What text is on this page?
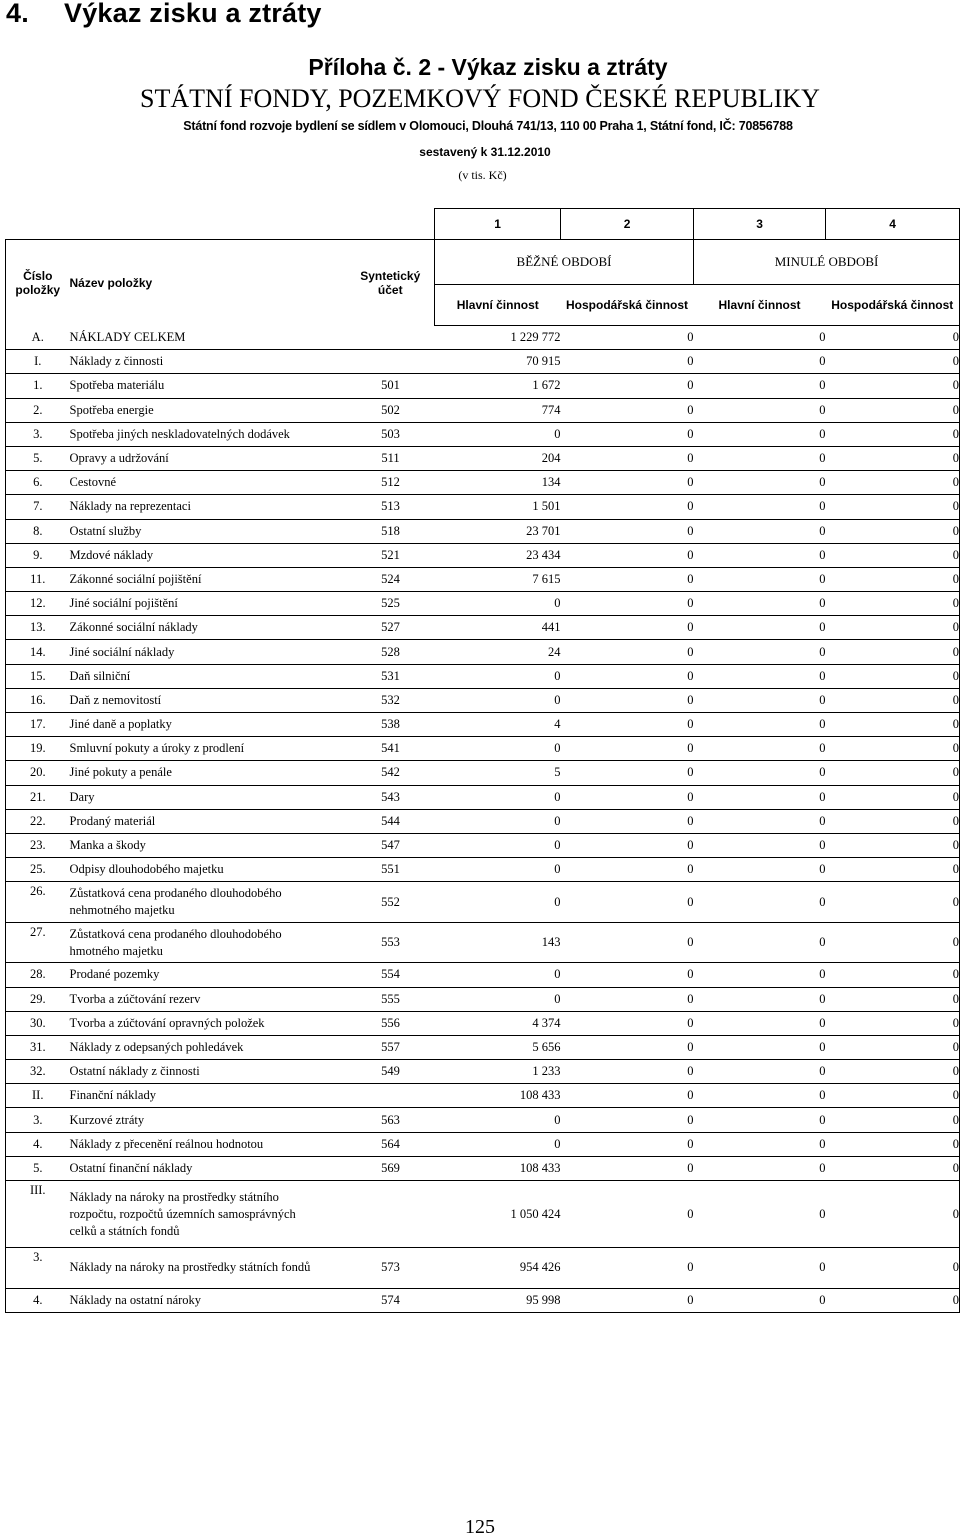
4. Výkaz zisku a ztráty
Příloha č. 2 - Výkaz zisku a ztráty
STÁTNÍ FONDY, POZEMKOVÝ FOND ČESKÉ REPUBLIKY
Státní fond rozvoje bydlení se sídlem v Olomouci, Dlouhá 741/13, 110 00 Praha 1, Státní fond, IČ: 70856788
sestavený k 31.12.2010
(v tis. Kč)
			1	2	3	4
Číslo položky	Název položky	Syntetický účet	BĚŽNÉ OBDOBÍ		MINULÉ OBDOBÍ	
			Hlavní činnost	Hospodářská činnost	Hlavní činnost	Hospodářská činnost
A.	NÁKLADY CELKEM		1 229 772	0	0	0
I.	Náklady z činnosti		70 915	0	0	0
1.	Spotřeba materiálu	501	1 672	0	0	0
2.	Spotřeba energie	502	774	0	0	0
3.	Spotřeba jiných neskladovatelných dodávek	503	0	0	0	0
5.	Opravy a udržování	511	204	0	0	0
6.	Cestovné	512	134	0	0	0
7.	Náklady na reprezentaci	513	1 501	0	0	0
8.	Ostatní služby	518	23 701	0	0	0
9.	Mzdové náklady	521	23 434	0	0	0
11.	Zákonné sociální pojištění	524	7 615	0	0	0
12.	Jiné sociální pojištění	525	0	0	0	0
13.	Zákonné sociální náklady	527	441	0	0	0
14.	Jiné sociální náklady	528	24	0	0	0
15.	Daň silniční	531	0	0	0	0
16.	Daň z nemovitostí	532	0	0	0	0
17.	Jiné daně a poplatky	538	4	0	0	0
19.	Smluvní pokuty a úroky z prodlení	541	0	0	0	0
20.	Jiné pokuty a penále	542	5	0	0	0
21.	Dary	543	0	0	0	0
22.	Prodaný materiál	544	0	0	0	0
23.	Manka a škody	547	0	0	0	0
25.	Odpisy dlouhodobého majetku	551	0	0	0	0
26.	Zůstatková cena prodaného dlouhodobého
nehmotného majetku	552	0	0	0	0
27.	Zůstatková cena prodaného dlouhodobého
hmotného majetku	553	143	0	0	0
28.	Prodané pozemky	554	0	0	0	0
29.	Tvorba a zúčtování rezerv	555	0	0	0	0
30.	Tvorba a zúčtování opravných položek	556	4 374	0	0	0
31.	Náklady z odepsaných pohledávek	557	5 656	0	0	0
32.	Ostatní náklady z činnosti	549	1 233	0	0	0
II.	Finanční náklady		108 433	0	0	0
3.	Kurzové ztráty	563	0	0	0	0
4.	Náklady z přecenění reálnou hodnotou	564	0	0	0	0
5.	Ostatní finanční náklady	569	108 433	0	0	0
III.	Náklady na nároky na prostředky státního
rozpočtu, rozpočtů územních samosprávných
celků a státních fondů		1 050 424	0	0	0
3.	Náklady na nároky na prostředky státních fondů	573	954 426	0	0	0
4.	Náklady na ostatní nároky	574	95 998	0	0	0
125
